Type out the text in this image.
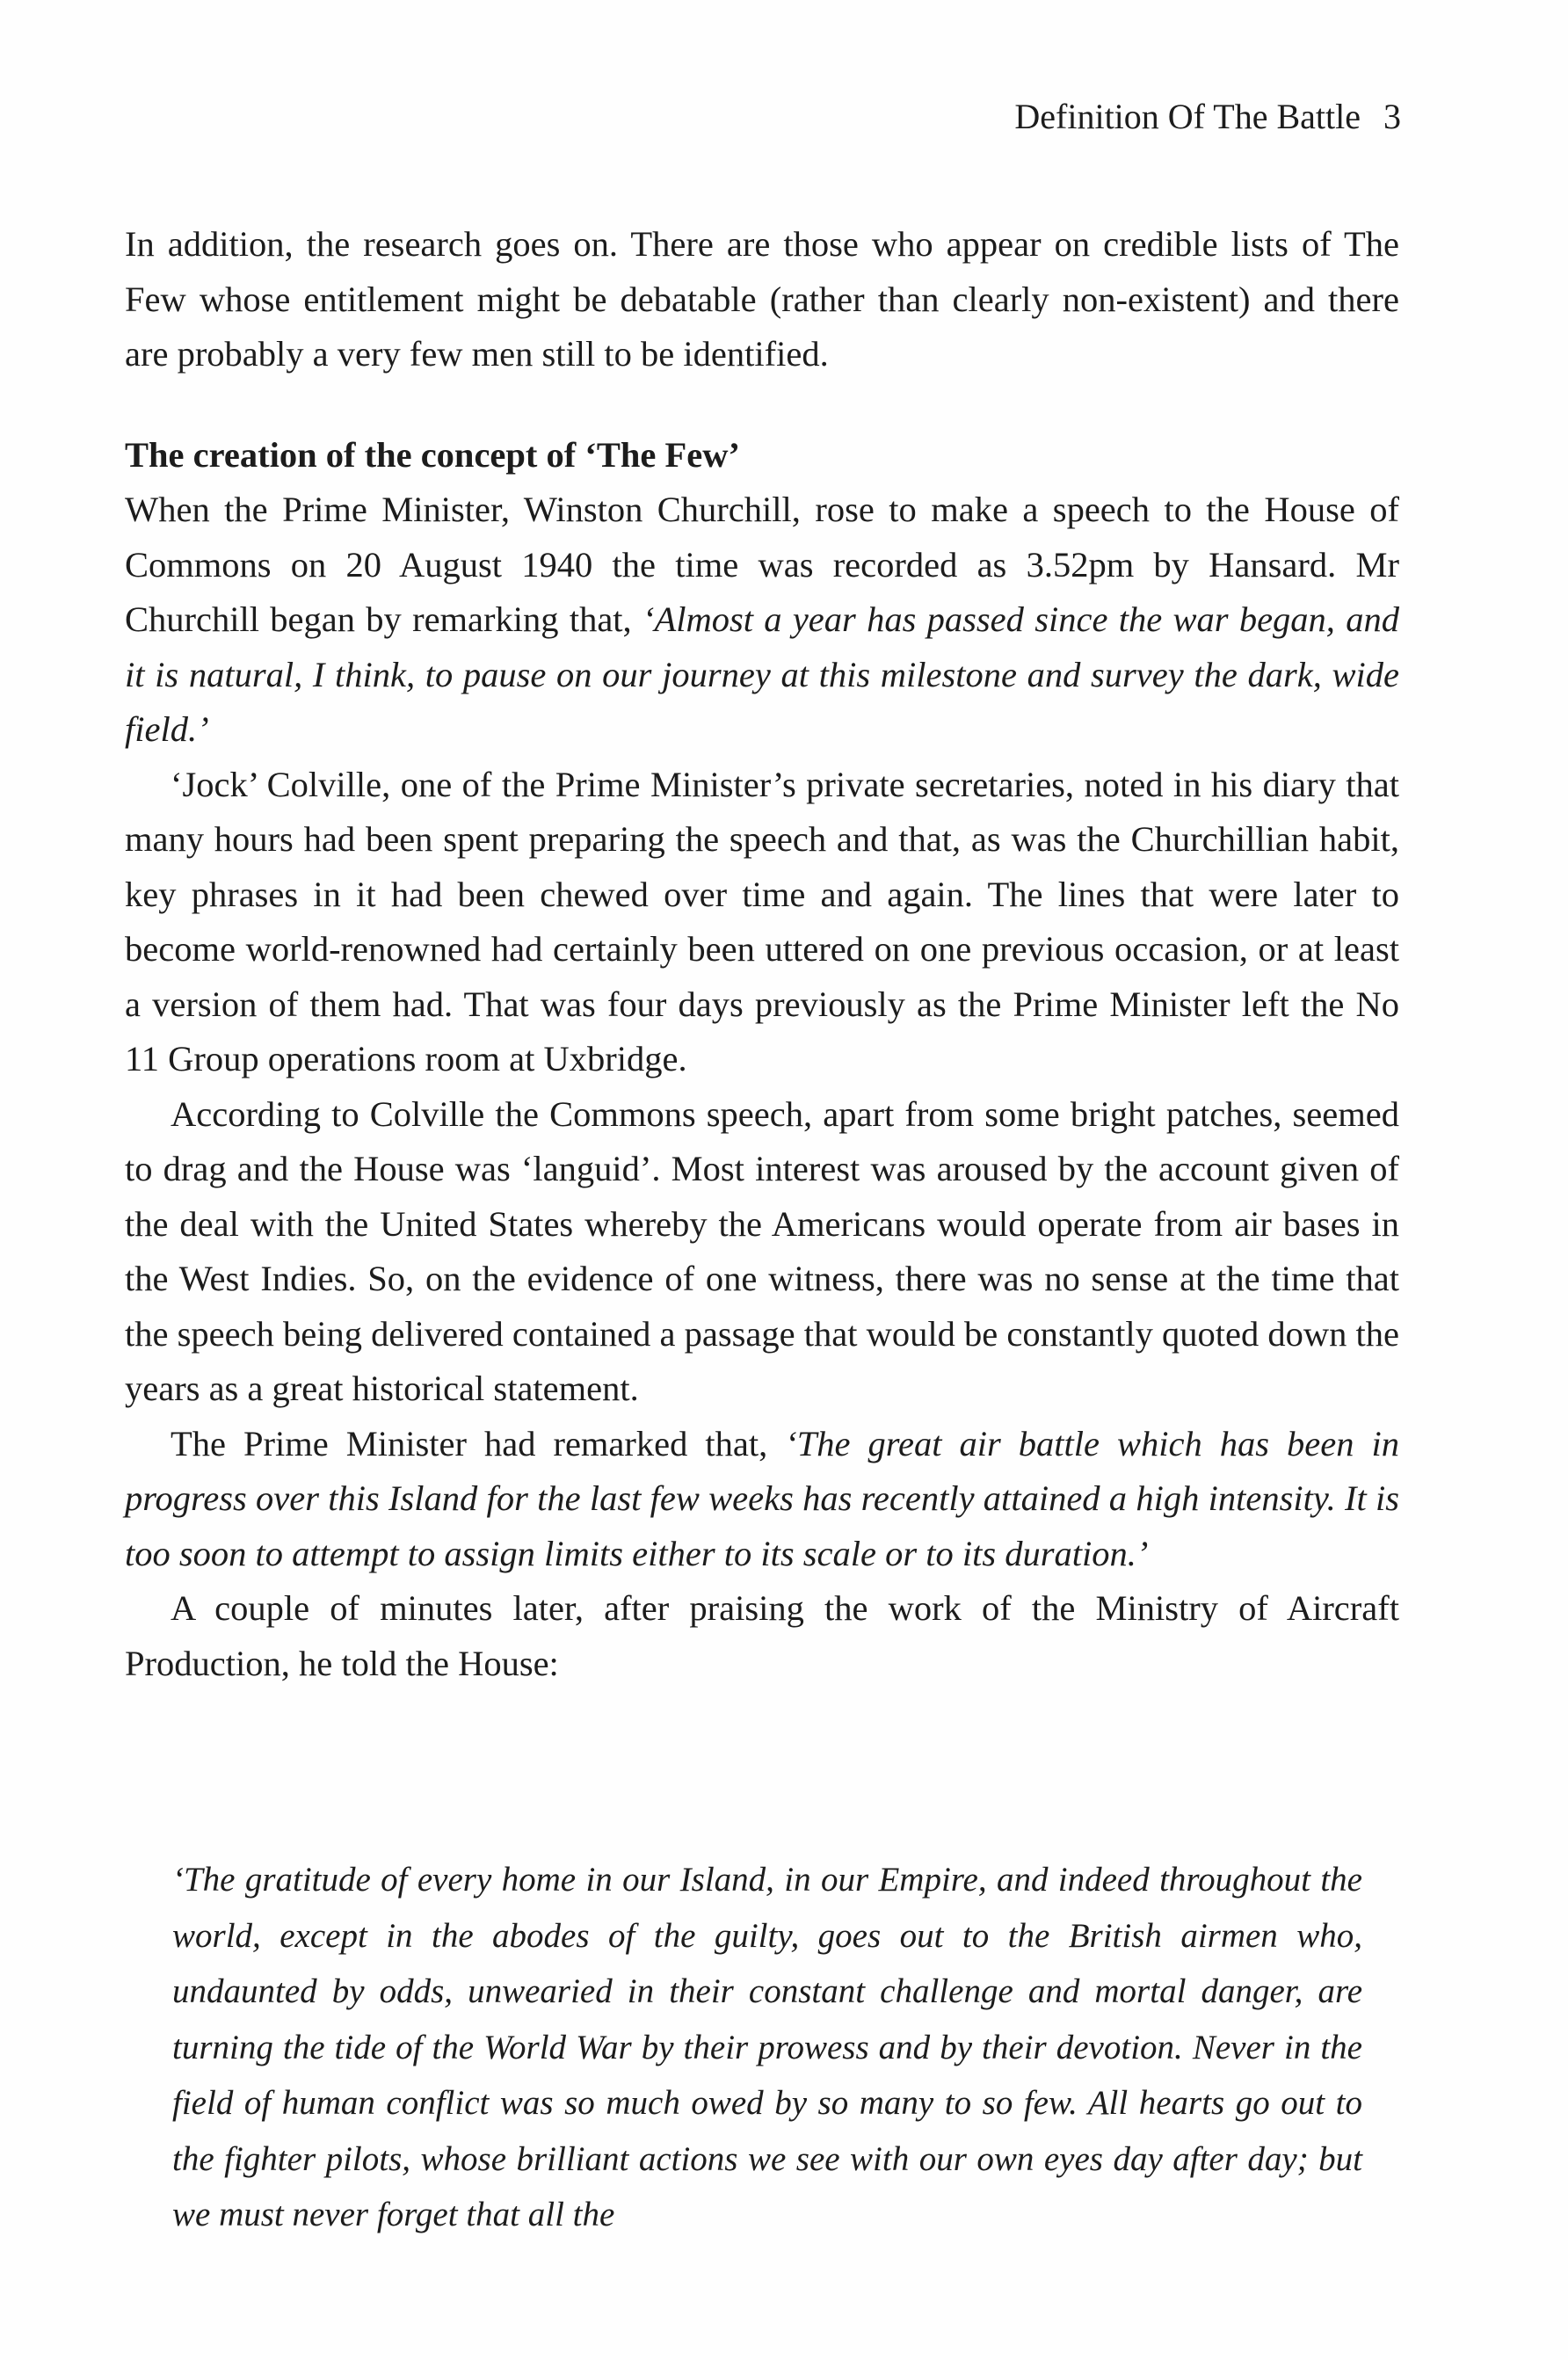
Definition Of The Battle 3

In addition, the research goes on. There are those who appear on credible lists of The Few whose entitlement might be debatable (rather than clearly non-existent) and there are probably a very few men still to be identified.

The creation of the concept of ‘The Few’

When the Prime Minister, Winston Churchill, rose to make a speech to the House of Commons on 20 August 1940 the time was recorded as 3.52pm by Hansard. Mr Churchill began by remarking that, ‘Almost a year has passed since the war began, and it is natural, I think, to pause on our journey at this milestone and survey the dark, wide field.’

‘Jock’ Colville, one of the Prime Minister’s private secretaries, noted in his diary that many hours had been spent preparing the speech and that, as was the Churchillian habit, key phrases in it had been chewed over time and again. The lines that were later to become world-renowned had certainly been uttered on one previous occasion, or at least a version of them had. That was four days previously as the Prime Minister left the No 11 Group operations room at Uxbridge.

According to Colville the Commons speech, apart from some bright patches, seemed to drag and the House was ‘languid’. Most interest was aroused by the account given of the deal with the United States whereby the Americans would operate from air bases in the West Indies. So, on the evidence of one witness, there was no sense at the time that the speech being delivered contained a passage that would be constantly quoted down the years as a great historical statement.

The Prime Minister had remarked that, ‘The great air battle which has been in progress over this Island for the last few weeks has recently attained a high intensity. It is too soon to attempt to assign limits either to its scale or to its duration.’

A couple of minutes later, after praising the work of the Ministry of Aircraft Production, he told the House:

‘The gratitude of every home in our Island, in our Empire, and indeed throughout the world, except in the abodes of the guilty, goes out to the British airmen who, undaunted by odds, unwearied in their constant challenge and mortal danger, are turning the tide of the World War by their prowess and by their devotion. Never in the field of human conflict was so much owed by so many to so few. All hearts go out to the fighter pilots, whose brilliant actions we see with our own eyes day after day; but we must never forget that all the
